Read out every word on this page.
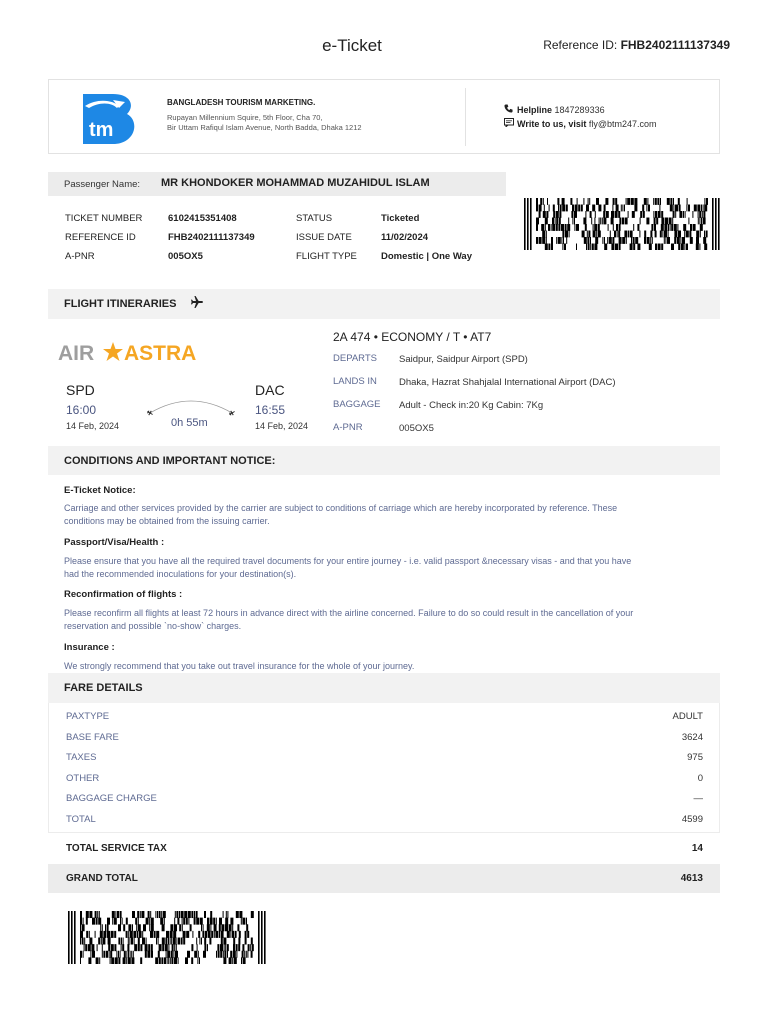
e-Ticket	Reference ID: FHB2402111137349
tm
BANGLADESH TOURISM MARKETING.
Rupayan Millennium Squire, 5th Floor, Cha 70,
Bir Uttam Rafiqul Islam Avenue, North Badda, Dhaka 1212
Helpline 1847289336
Write to us, visit fly@btm247.com
Passenger Name: MR KHONDOKER MOHAMMAD MUZAHIDUL ISLAM
TICKET NUMBER	6102415351408
REFERENCE ID	FHB2402111137349
A-PNR	005OX5
STATUS	Ticketed
ISSUE DATE	11/02/2024
FLIGHT TYPE	Domestic | One Way
FLIGHT ITINERARIES
AIR ASTRA
SPD
16:00
14 Feb, 2024	0h 55m
DAC
16:55
14 Feb, 2024
2A 474 • ECONOMY / T • AT7
DEPARTS Saidpur, Saidpur Airport (SPD)
LANDS IN Dhaka, Hazrat Shahjalal International Airport (DAC)
BAGGAGE Adult - Check in:20 Kg Cabin: 7Kg
A-PNR	005OX5
CONDITIONS AND IMPORTANT NOTICE:
E-Ticket Notice:
Carriage and other services provided by the carrier are subject to conditions of carriage which are hereby incorporated by reference. These
conditions may be obtained from the issuing carrier.
Passport/Visa/Health :
Please ensure that you have all the required travel documents for your entire journey - i.e. valid passport &necessary visas - and that you have
had the recommended inoculations for your destination(s).
Reconfirmation of flights :
Please reconfirm all flights at least 72 hours in advance direct with the airline concerned. Failure to do so could result in the cancellation of your
reservation and possible `no-show` charges.
Insurance :
We strongly recommend that you take out travel insurance for the whole of your journey.
FARE DETAILS
PAXTYPE	ADULT
BASE FARE	3624
TAXES	975
OTHER	0
BAGGAGE CHARGE	—
TOTAL	4599
TOTAL SERVICE TAX	14
GRAND TOTAL	4613
